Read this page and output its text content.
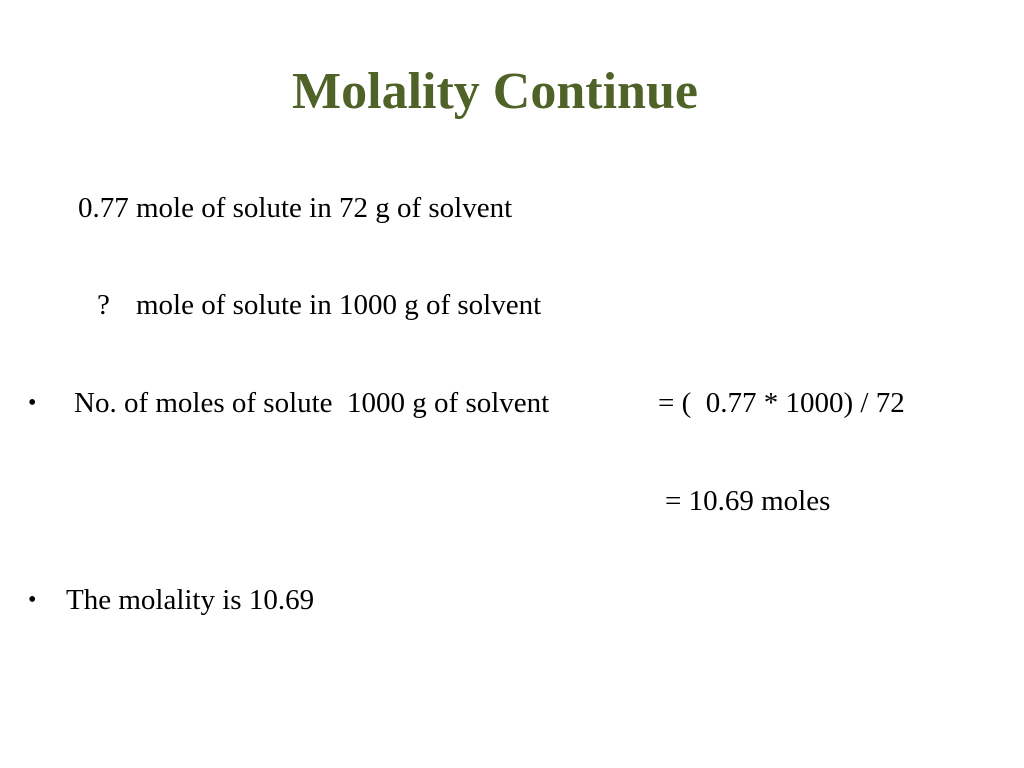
Molality Continue
0.77 mole of solute in 72 g of solvent
? mole of solute in 1000 g of solvent
• No. of moles of solute  1000 g of solvent	= (  0.77 * 1000) / 72
= 10.69 moles
• The molality is 10.69
